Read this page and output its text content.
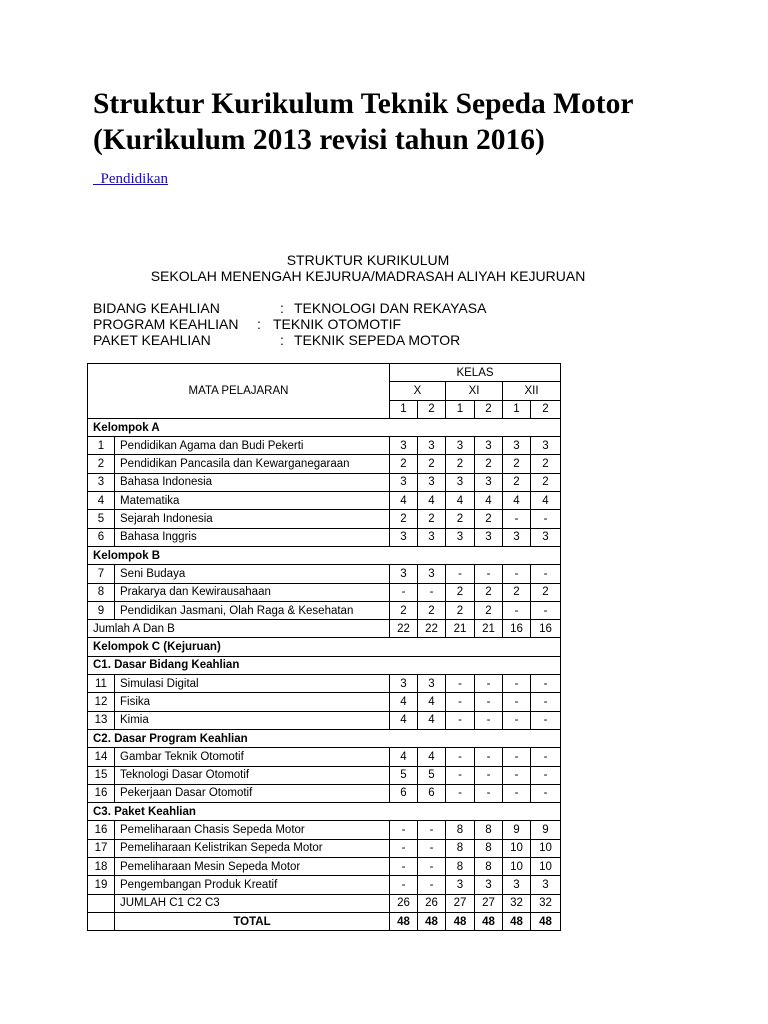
Struktur Kurikulum Teknik Sepeda Motor
(Kurikulum 2013 revisi tahun 2016)
Pendidikan
STRUKTUR KURIKULUM
SEKOLAH MENENGAH KEJURUA/MADRASAH ALIYAH KEJURUAN
BIDANG KEAHLIAN	: TEKNOLOGI DAN REKAYASA
PROGRAM KEAHLIAN : TEKNIK OTOMOTIF
PAKET KEAHLIAN	: TEKNIK SEPEDA MOTOR
MATA PELAJARAN		KELAS					
		X		XI		XII	
		1	2	1	2	1	2
Kelompok A							
1	Pendidikan Agama dan Budi Pekerti	3	3	3	3	3	3
2	Pendidikan Pancasila dan Kewarganegaraan	2	2	2	2	2	2
3	Bahasa Indonesia	3	3	3	3	2	2
4	Matematika	4	4	4	4	4	4
5	Sejarah Indonesia	2	2	2	2	-	-
6	Bahasa Inggris	3	3	3	3	3	3
Kelompok B							
7	Seni Budaya	3	3	-	-	-	-
8	Prakarya dan Kewirausahaan	-	-	2	2	2	2
9	Pendidikan Jasmani, Olah Raga & Kesehatan	2	2	2	2	-	-
Jumlah A Dan B		22	22	21	21	16	16
Kelompok C (Kejuruan)							
C1. Dasar Bidang Keahlian							
11	Simulasi Digital	3	3	-	-	-	-
12	Fisika	4	4	-	-	-	-
13	Kimia	4	4	-	-	-	-
C2. Dasar Program Keahlian							
14	Gambar Teknik Otomotif	4	4	-	-	-	-
15	Teknologi Dasar Otomotif	5	5	-	-	-	-
16	Pekerjaan Dasar Otomotif	6	6	-	-	-	-
C3. Paket Keahlian							
16	Pemeliharaan Chasis Sepeda Motor	-	-	8	8	9	9
17	Pemeliharaan Kelistrikan Sepeda Motor	-	-	8	8	10	10
18	Pemeliharaan Mesin Sepeda Motor	-	-	8	8	10	10
19	Pengembangan Produk Kreatif	-	-	3	3	3	3
	JUMLAH C1 C2 C3	26	26	27	27	32	32
	TOTAL	48	48	48	48	48	48
